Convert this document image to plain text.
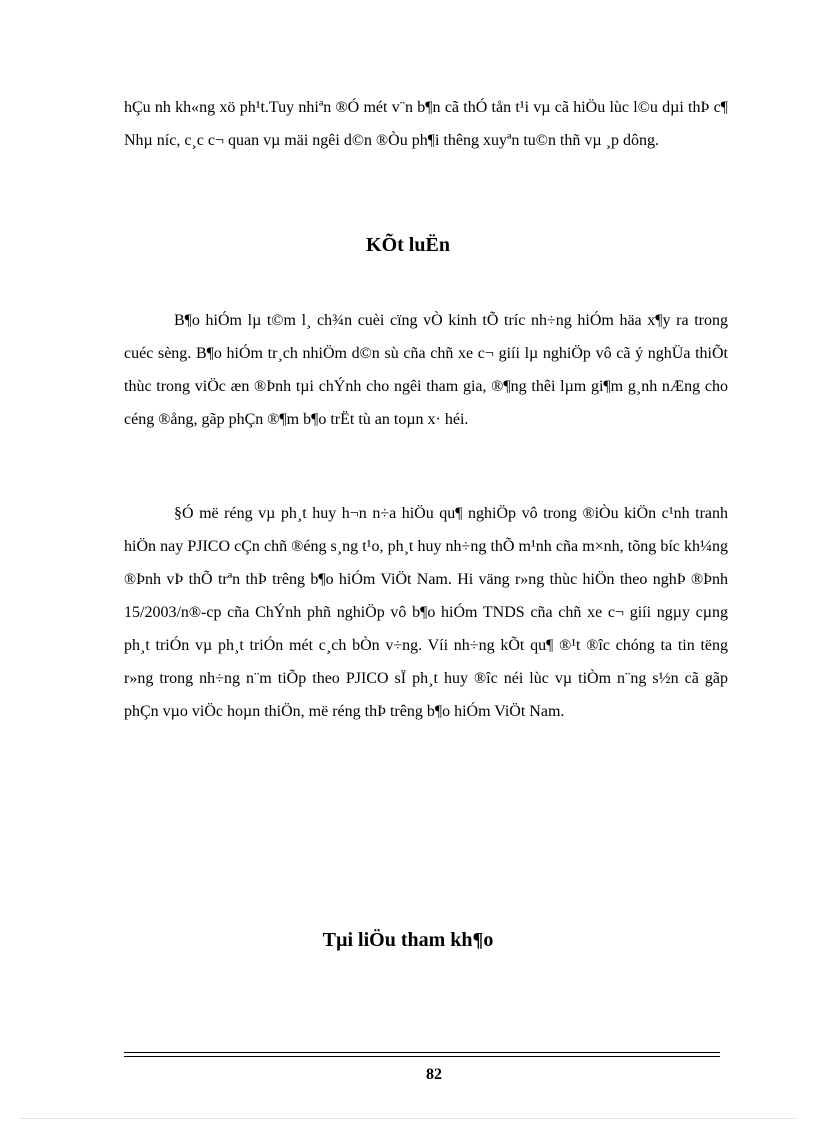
hÇu nh kh«ng xö ph¹t.Tuy nhiªn ®Ó mét v¨n b¶n cã thÓ tån t¹i vµ cã hiÖu lùc l©u dµi thÞ c¶ Nhµ níc, c¸c c¬ quan vµ mäi ngêi d©n ®Òu ph¶i thêng xuyªn tu©n thñ vµ ¸p dông.

KÕt luËn

B¶o hiÓm lµ t©m l¸ ch¾n cuèi cïng vÒ kinh tÕ tríc nh÷ng hiÓm häa x¶y ra trong cuéc sèng. B¶o hiÓm tr¸ch nhiÖm d©n sù cña chñ xe c¬ giíi lµ nghiÖp vô cã ý nghÜa thiÕt thùc trong viÖc æn ®Þnh tµi chÝnh cho ngêi tham gia, ®¶ng thêi lµm gi¶m g¸nh nÆng cho céng ®ång, gãp phÇn ®¶m b¶o trËt tù an toµn x· héi.

§Ó më réng vµ ph¸t huy h¬n n÷a hiÖu qu¶ nghiÖp vô trong ®iÒu kiÖn c¹nh tranh hiÖn nay PJICO cÇn chñ ®éng s¸ng t¹o, ph¸t huy nh÷ng thÕ m¹nh cña m×nh, tõng bíc kh¼ng ®Þnh vÞ thÕ trªn thÞ trêng b¶o hiÓm ViÖt Nam. Hi väng r»ng thùc hiÖn theo nghÞ ®Þnh 15/2003/n®-cp cña ChÝnh phñ nghiÖp vô b¶o hiÓm TNDS cña chñ xe c¬ giíi ngµy cµng ph¸t triÓn vµ ph¸t triÓn mét c¸ch bÒn v÷ng. Víi nh÷ng kÕt qu¶ ®¹t ®îc chóng ta tin tëng r»ng trong nh÷ng n¨m tiÕp theo PJICO sÏ ph¸t huy ®îc néi lùc vµ tiÒm n¨ng s½n cã gãp phÇn vµo viÖc hoµn thiÖn, më réng thÞ trêng b¶o hiÓm ViÖt Nam.

Tµi liÖu tham kh¶o
82
